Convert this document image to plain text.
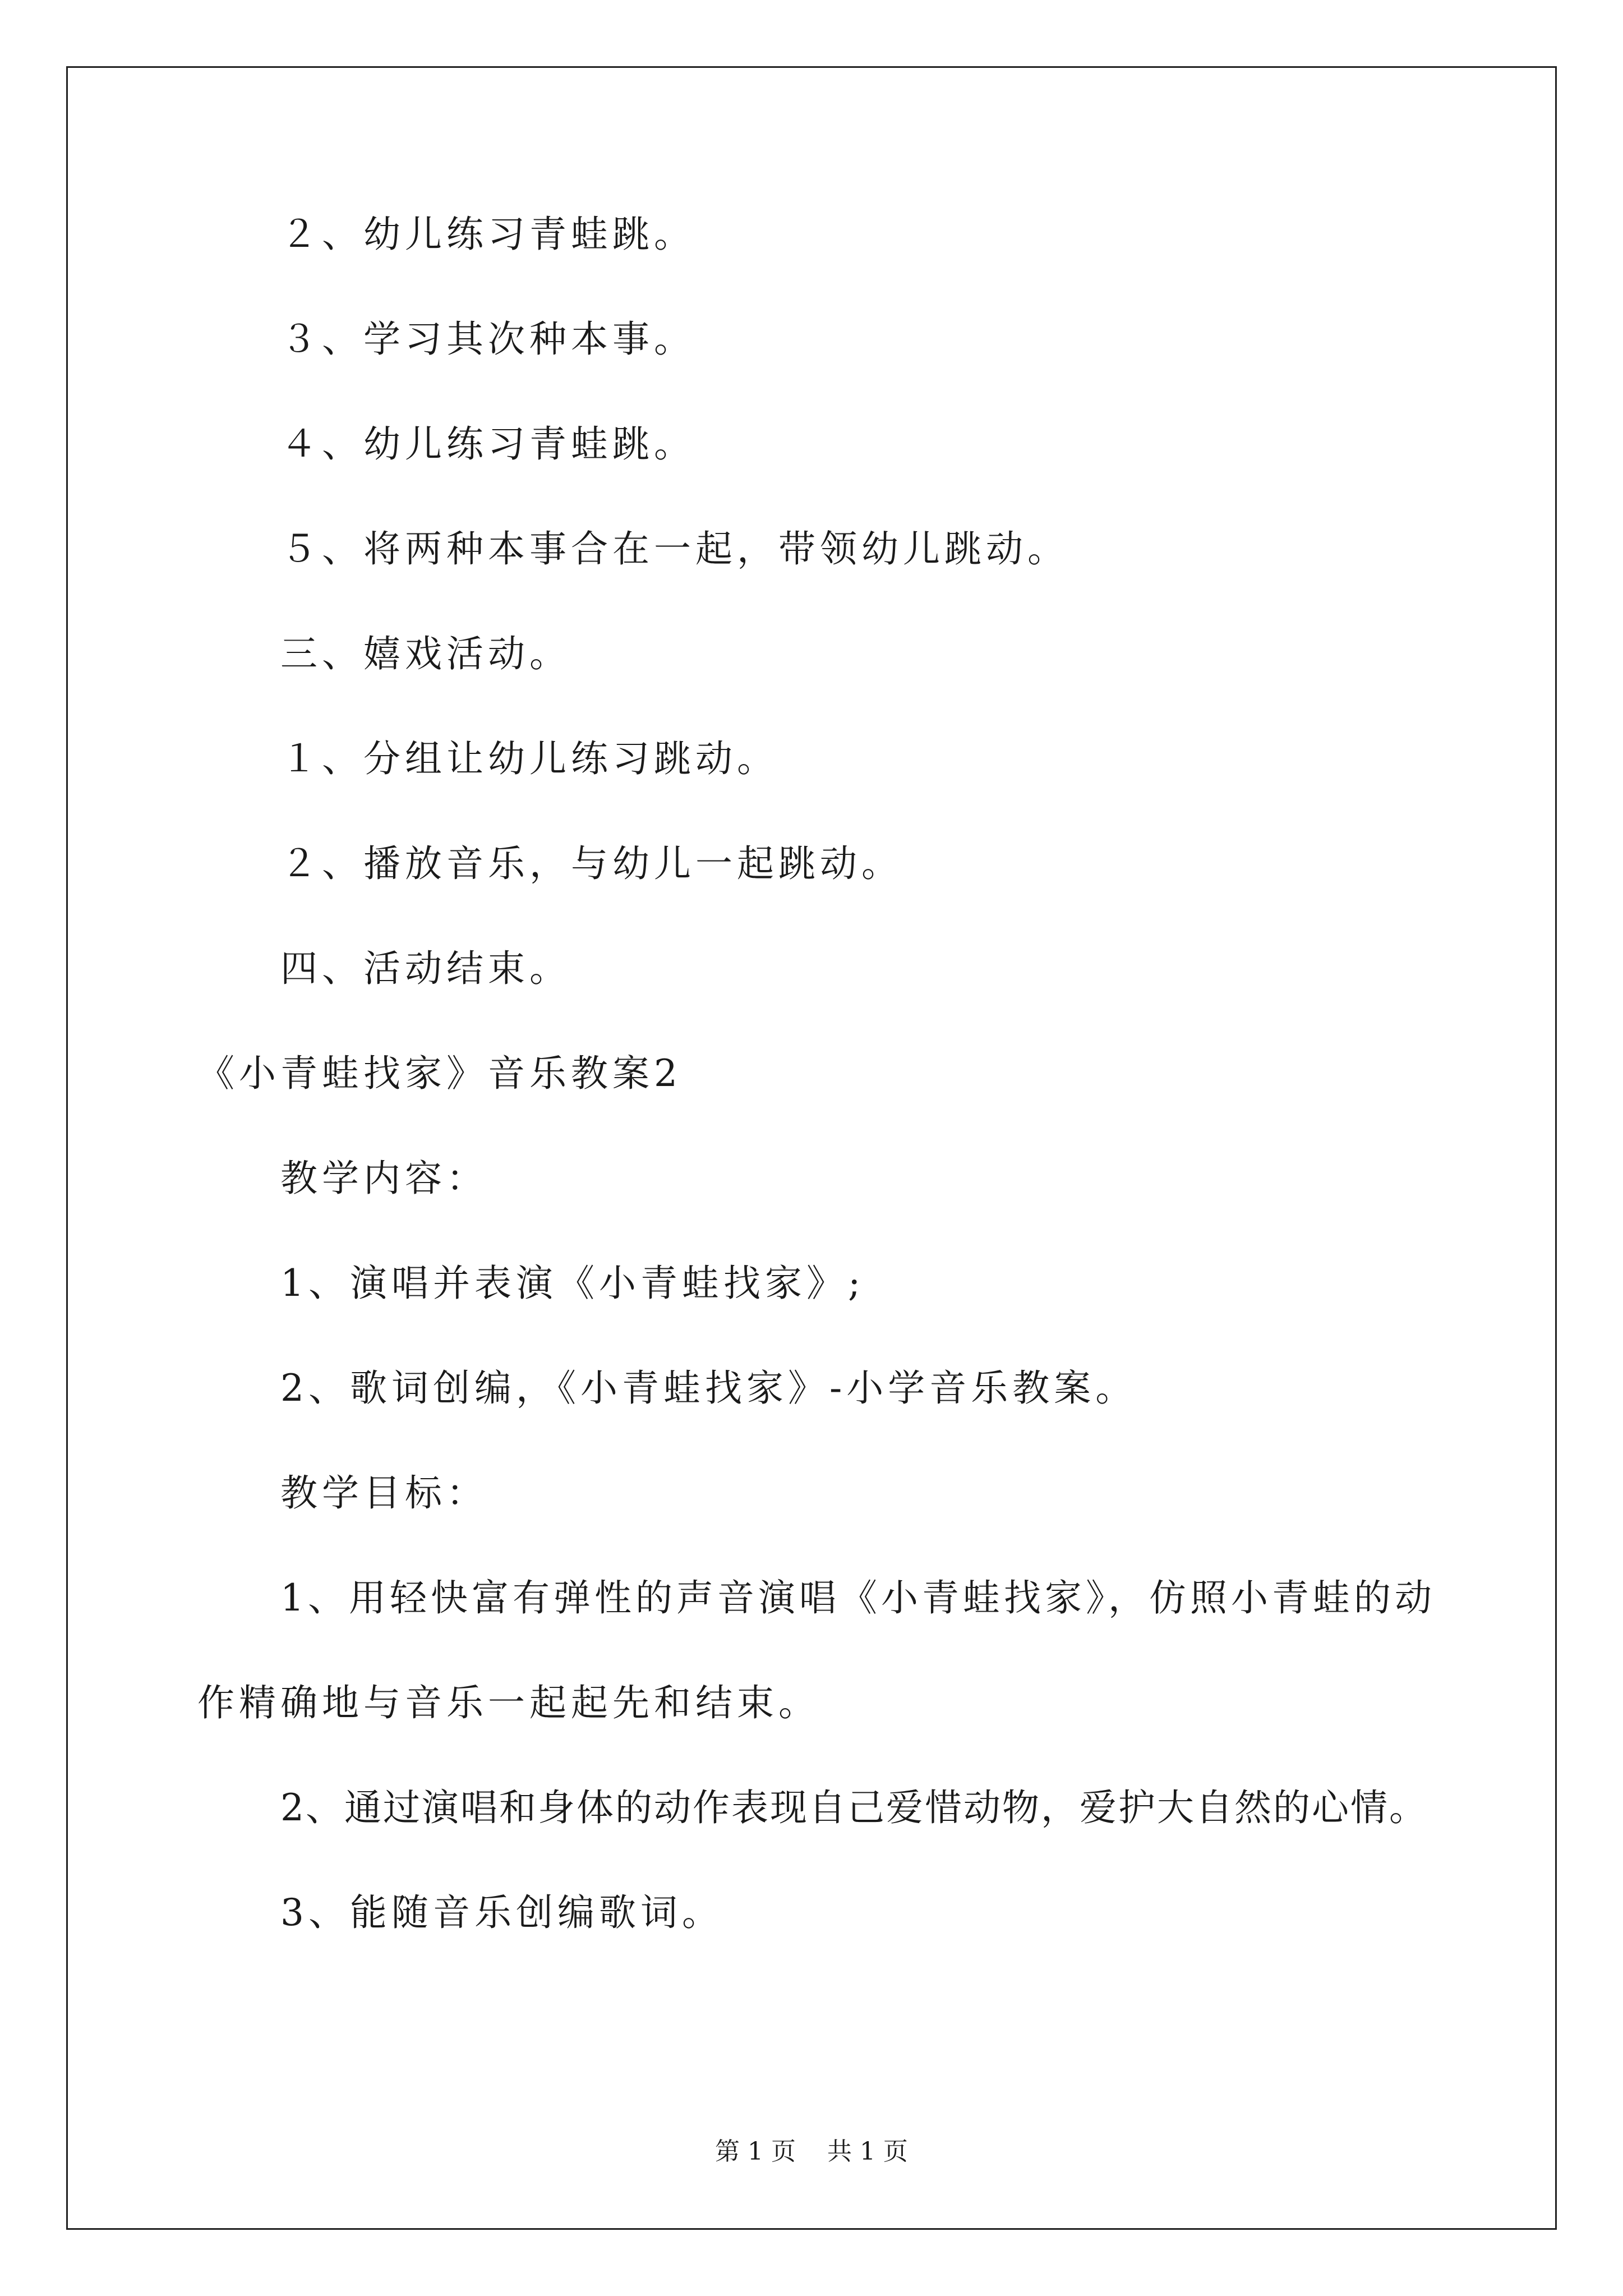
２、幼儿练习青蛙跳。
３、学习其次种本事。
４、幼儿练习青蛙跳。
５、将两种本事合在一起，带领幼儿跳动。
三、嬉戏活动。
１、分组让幼儿练习跳动。
２、播放音乐，与幼儿一起跳动。
四、活动结束。
《小青蛙找家》音乐教案2
教学内容：
1、演唱并表演《小青蛙找家》;
2、歌词创编，《小青蛙找家》-小学音乐教案。
教学目标：
1、用轻快富有弹性的声音演唱《小青蛙找家》，仿照小青蛙的动
作精确地与音乐一起起先和结束。
2、通过演唱和身体的动作表现自己爱惜动物，爱护大自然的心情。
3、能随音乐创编歌词。
第 1 页    共 1 页
